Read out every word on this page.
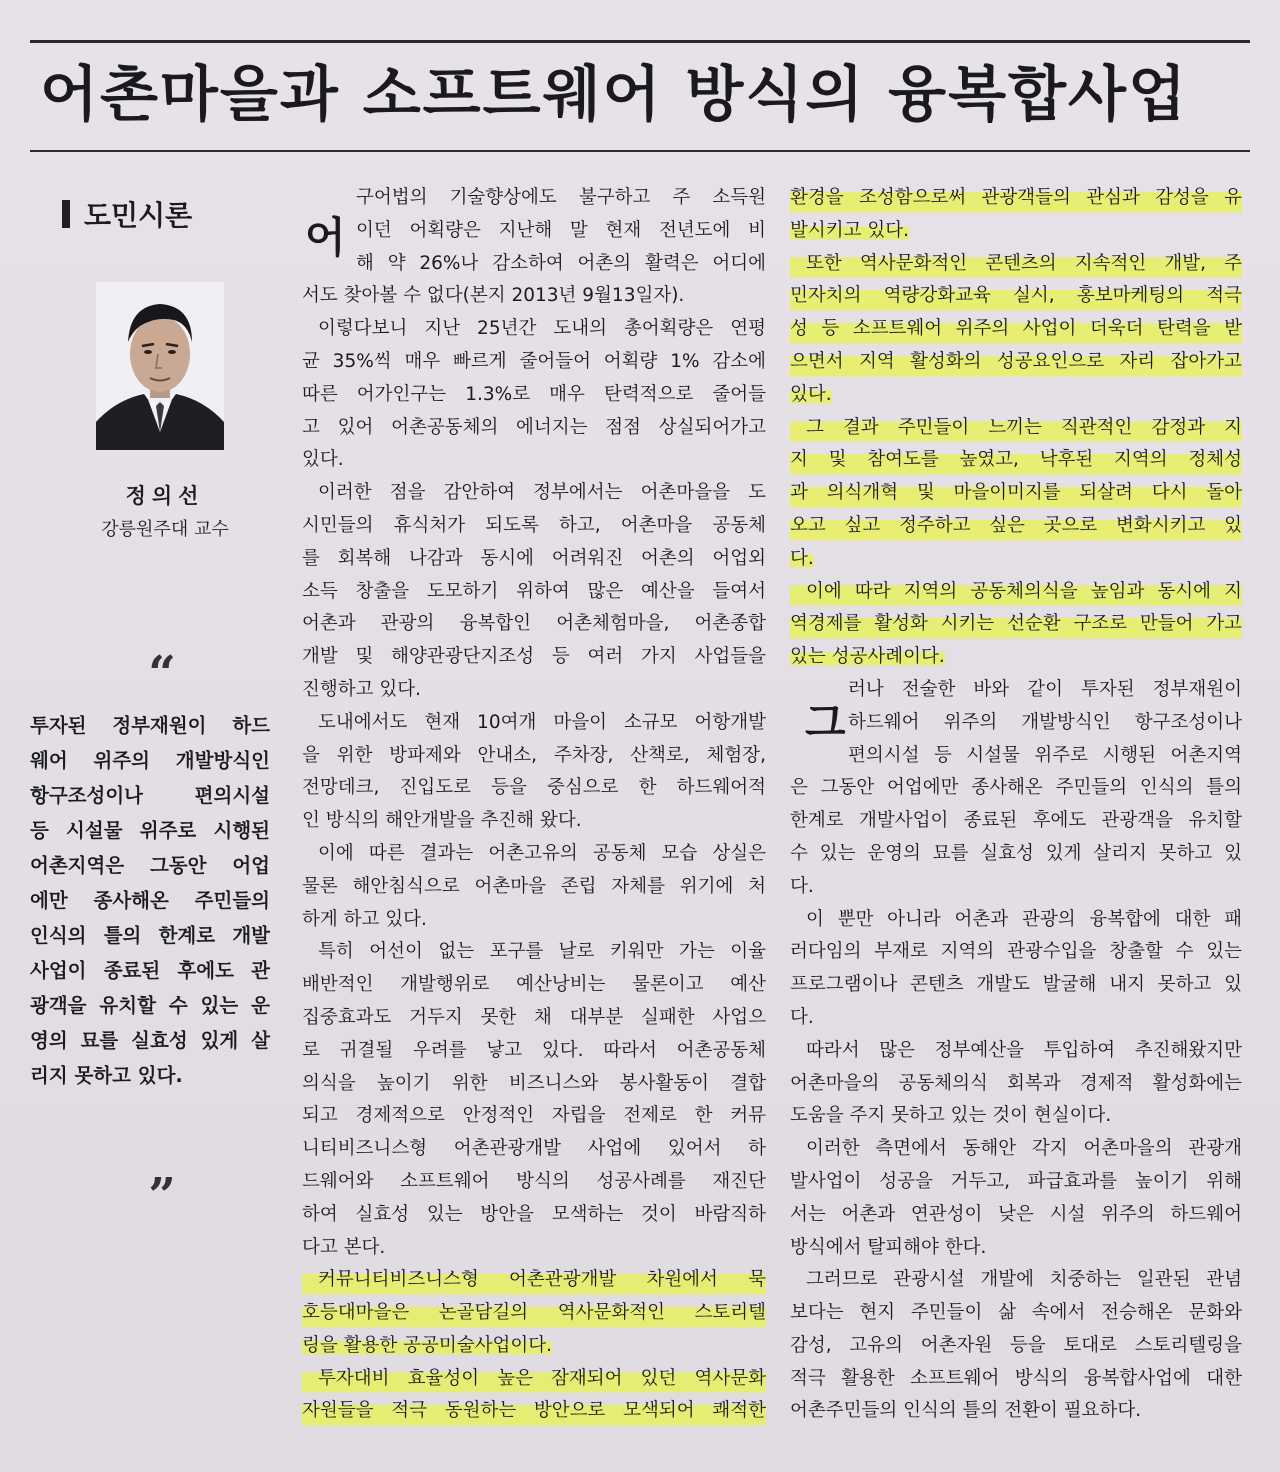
어촌마을과 소프트웨어 방식의 융복합사업
도민시론
정의선
강릉원주대 교수
“
투자된 정부재원이 하드
웨어 위주의 개발방식인
항구조성이나 편의시설
등 시설물 위주로 시행된
어촌지역은 그동안 어업
에만 종사해온 주민들의
인식의 틀의 한계로 개발
사업이 종료된 후에도 관
광객을 유치할 수 있는 운
영의 묘를 실효성 있게 살
리지 못하고 있다.
”
어
구어법의 기술향상에도 불구하고 주 소득원
이던 어획량은 지난해 말 현재 전년도에 비
해 약 26%나 감소하여 어촌의 활력은 어디에
서도 찾아볼 수 없다(본지 2013년 9월13일자).
이렇다보니 지난 25년간 도내의 총어획량은 연평
균 35%씩 매우 빠르게 줄어들어 어획량 1% 감소에
따른 어가인구는 1.3%로 매우 탄력적으로 줄어들
고 있어 어촌공동체의 에너지는 점점 상실되어가고
있다.
이러한 점을 감안하여 정부에서는 어촌마을을 도
시민들의 휴식처가 되도록 하고, 어촌마을 공동체
를 회복해 나감과 동시에 어려워진 어촌의 어업외
소득 창출을 도모하기 위하여 많은 예산을 들여서
어촌과 관광의 융복합인 어촌체험마을, 어촌종합
개발 및 해양관광단지조성 등 여러 가지 사업들을
진행하고 있다.
도내에서도 현재 10여개 마을이 소규모 어항개발
을 위한 방파제와 안내소, 주차장, 산책로, 체험장,
전망데크, 진입도로 등을 중심으로 한 하드웨어적
인 방식의 해안개발을 추진해 왔다.
이에 따른 결과는 어촌고유의 공동체 모습 상실은
물론 해안침식으로 어촌마을 존립 자체를 위기에 처
하게 하고 있다.
특히 어선이 없는 포구를 날로 키워만 가는 이율
배반적인 개발행위로 예산낭비는 물론이고 예산
집중효과도 거두지 못한 채 대부분 실패한 사업으
로 귀결될 우려를 낳고 있다. 따라서 어촌공동체
의식을 높이기 위한 비즈니스와 봉사활동이 결합
되고 경제적으로 안정적인 자립을 전제로 한 커뮤
니티비즈니스형 어촌관광개발 사업에 있어서 하
드웨어와 소프트웨어 방식의 성공사례를 재진단
하여 실효성 있는 방안을 모색하는 것이 바람직하
다고 본다.
커뮤니티비즈니스형 어촌관광개발 차원에서 묵
호등대마을은 논골담길의 역사문화적인 스토리텔
링을 활용한 공공미술사업이다.
투자대비 효율성이 높은 잠재되어 있던 역사문화
자원들을 적극 동원하는 방안으로 모색되어 쾌적한
환경을 조성함으로써 관광객들의 관심과 감성을 유
발시키고 있다.
또한 역사문화적인 콘텐츠의 지속적인 개발, 주
민자치의 역량강화교육 실시, 홍보마케팅의 적극
성 등 소프트웨어 위주의 사업이 더욱더 탄력을 받
으면서 지역 활성화의 성공요인으로 자리 잡아가고
있다.
그 결과 주민들이 느끼는 직관적인 감정과 지
지 및 참여도를 높였고, 낙후된 지역의 정체성
과 의식개혁 및 마을이미지를 되살려 다시 돌아
오고 싶고 정주하고 싶은 곳으로 변화시키고 있
다.
이에 따라 지역의 공동체의식을 높임과 동시에 지
역경제를 활성화 시키는 선순환 구조로 만들어 가고
있는 성공사례이다.
러나 전술한 바와 같이 투자된 정부재원이
하드웨어 위주의 개발방식인 항구조성이나
편의시설 등 시설물 위주로 시행된 어촌지역
은 그동안 어업에만 종사해온 주민들의 인식의 틀의
한계로 개발사업이 종료된 후에도 관광객을 유치할
수 있는 운영의 묘를 실효성 있게 살리지 못하고 있
다.
이 뿐만 아니라 어촌과 관광의 융복합에 대한 패
러다임의 부재로 지역의 관광수입을 창출할 수 있는
프로그램이나 콘텐츠 개발도 발굴해 내지 못하고 있
다.
따라서 많은 정부예산을 투입하여 추진해왔지만
어촌마을의 공동체의식 회복과 경제적 활성화에는
도움을 주지 못하고 있는 것이 현실이다.
이러한 측면에서 동해안 각지 어촌마을의 관광개
발사업이 성공을 거두고, 파급효과를 높이기 위해
서는 어촌과 연관성이 낮은 시설 위주의 하드웨어
방식에서 탈피해야 한다.
그러므로 관광시설 개발에 치중하는 일관된 관념
보다는 현지 주민들이 삶 속에서 전승해온 문화와
감성, 고유의 어촌자원 등을 토대로 스토리텔링을
적극 활용한 소프트웨어 방식의 융복합사업에 대한
어촌주민들의 인식의 틀의 전환이 필요하다.
그
